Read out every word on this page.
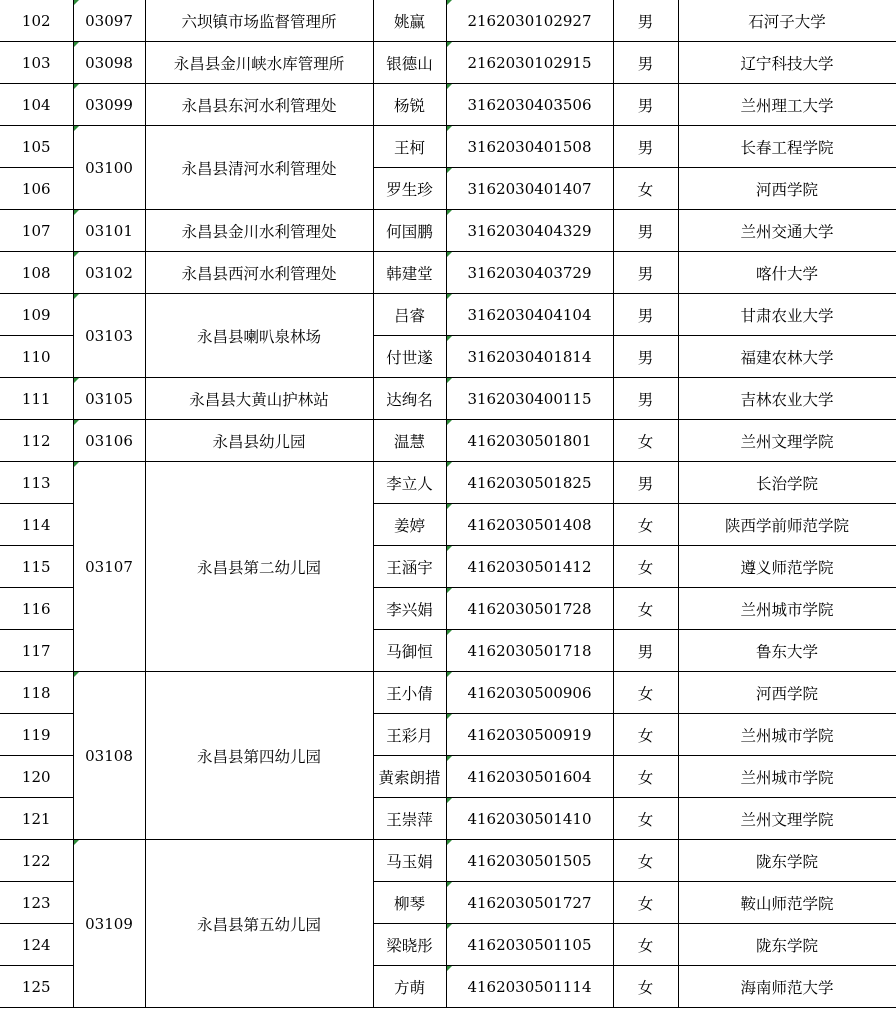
102	03097	六坝镇市场监督管理所	姚赢	2162030102927	男	石河子大学
103	03098	永昌县金川峡水库管理所	银德山	2162030102915	男	辽宁科技大学
104	03099	永昌县东河水利管理处	杨锐	3162030403506	男	兰州理工大学
105	03100	永昌县清河水利管理处	王柯	3162030401508	男	长春工程学院
106			罗生珍	3162030401407	女	河西学院
107	03101	永昌县金川水利管理处	何国鹏	3162030404329	男	兰州交通大学
108	03102	永昌县西河水利管理处	韩建堂	3162030403729	男	喀什大学
109	03103	永昌县喇叭泉林场	吕睿	3162030404104	男	甘肃农业大学
110			付世遂	3162030401814	男	福建农林大学
111	03105	永昌县大黄山护林站	达绚名	3162030400115	男	吉林农业大学
112	03106	永昌县幼儿园	温慧	4162030501801	女	兰州文理学院
113	03107	永昌县第二幼儿园	李立人	4162030501825	男	长治学院
114			姜婷	4162030501408	女	陕西学前师范学院
115			王涵宇	4162030501412	女	遵义师范学院
116			李兴娟	4162030501728	女	兰州城市学院
117			马御恒	4162030501718	男	鲁东大学
118	03108	永昌县第四幼儿园	王小倩	4162030500906	女	河西学院
119			王彩月	4162030500919	女	兰州城市学院
120			黄索朗措	4162030501604	女	兰州城市学院
121			王崇萍	4162030501410	女	兰州文理学院
122	03109	永昌县第五幼儿园	马玉娟	4162030501505	女	陇东学院
123			柳琴	4162030501727	女	鞍山师范学院
124			梁晓彤	4162030501105	女	陇东学院
125			方萌	4162030501114	女	海南师范大学
